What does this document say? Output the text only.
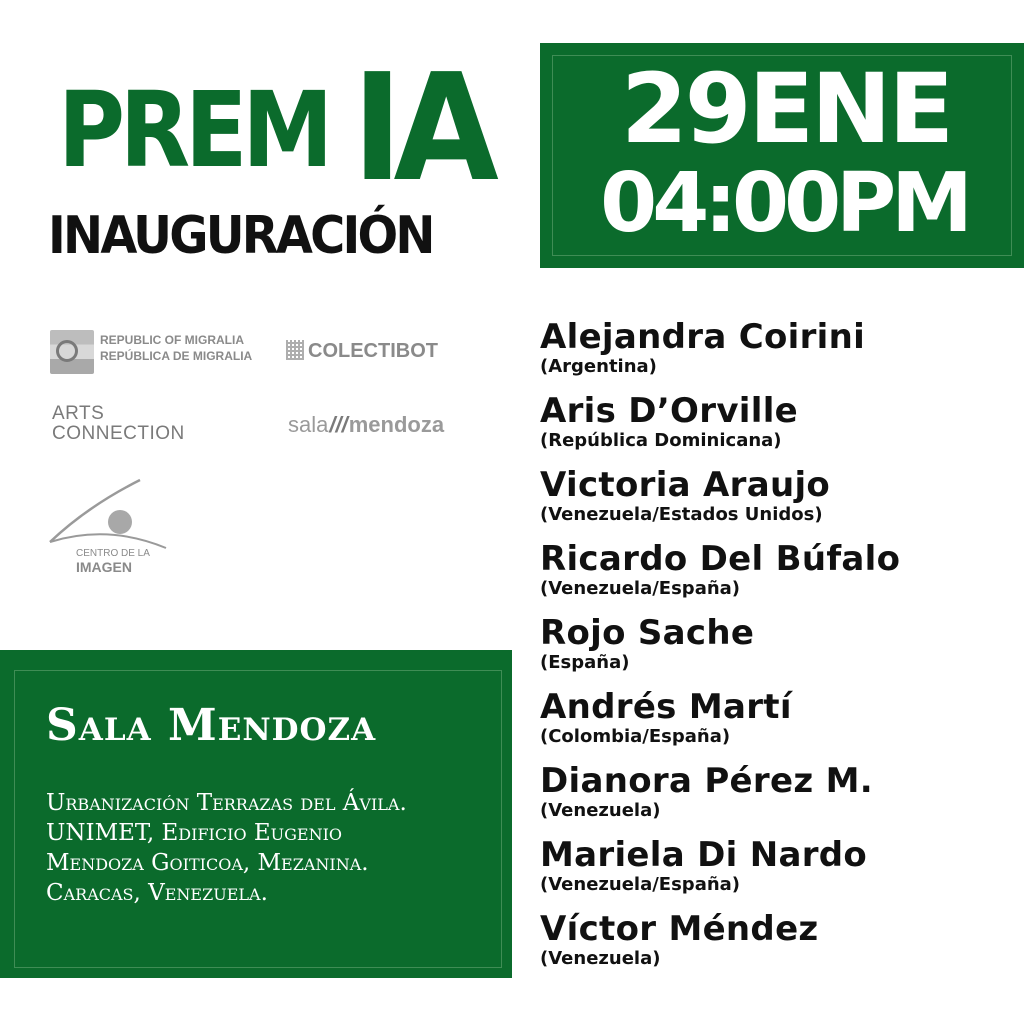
PREM IA
INAUGURACIÓN
29ENE
04:00PM
REPUBLIC OF MIGRALIA
REPÚBLICA DE MIGRALIA	COLECTIBOT
ARTS
CONNECTION	sala///mendoza
CENTRO DE LA
IMAGEN
Sala Mendoza
Urbanización Terrazas del Ávila.
UNIMET, Edificio Eugenio
Mendoza Goiticoa, Mezanina.
Caracas, Venezuela.
Alejandra Coirini
(Argentina)
Aris D’Orville
(República Dominicana)
Victoria Araujo
(Venezuela/Estados Unidos)
Ricardo Del Búfalo
(Venezuela/España)
Rojo Sache
(España)
Andrés Martí
(Colombia/España)
Dianora Pérez M.
(Venezuela)
Mariela Di Nardo
(Venezuela/España)
Víctor Méndez
(Venezuela)
